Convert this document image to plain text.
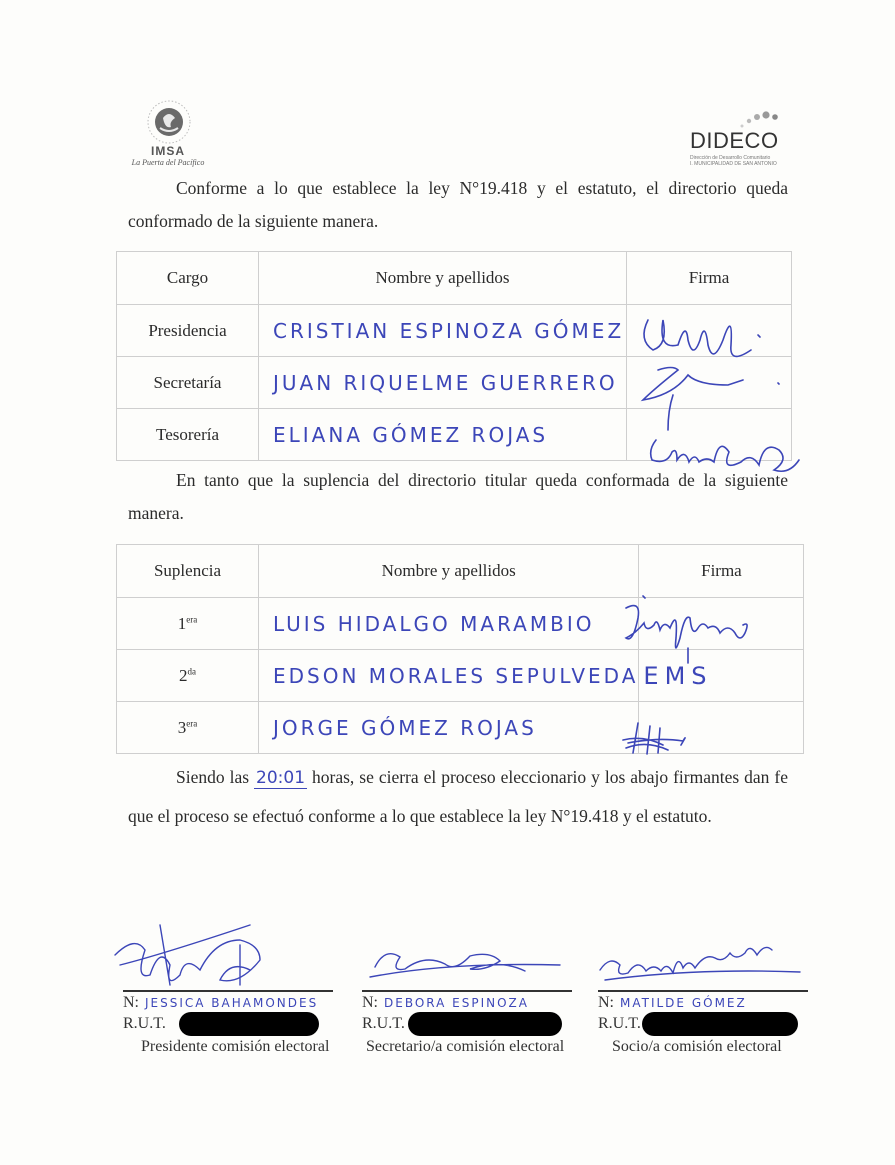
IMSA
La Puerta del Pacífico
DIDECO
Dirección de Desarrollo Comunitario
I. MUNICIPALIDAD DE SAN ANTONIO

Conforme a lo que establece la ley N°19.418 y el estatuto, el directorio queda conformado de la siguiente manera.

Cargo	Nombre y apellidos	Firma
Presidencia	CRISTIAN ESPINOZA GÓMEZ	
Secretaría	JUAN RIQUELME GUERRERO	
Tesorería	ELIANA GÓMEZ ROJAS	

En tanto que la suplencia del directorio titular queda conformada de la siguiente manera.

Suplencia	Nombre y apellidos	Firma
$1^{era}$	LUIS HIDALGO MARAMBIO	
$2^{da}$	EDSON MORALES SEPULVEDA	EMS
$3^{era}$	JORGE GÓMEZ ROJAS	

Siendo las 20:01 horas, se cierra el proceso eleccionario y los abajo firmantes dan fe que el proceso se efectuó conforme a lo que establece la ley N°19.418 y el estatuto.

N: JESSICA BAHAMONDES
R.U.T.
Presidente comisión electoral
N: DEBORA ESPINOZA
R.U.T.
Secretario/a comisión electoral
N: MATILDE GÓMEZ
R.U.T.
Socio/a comisión electoral
